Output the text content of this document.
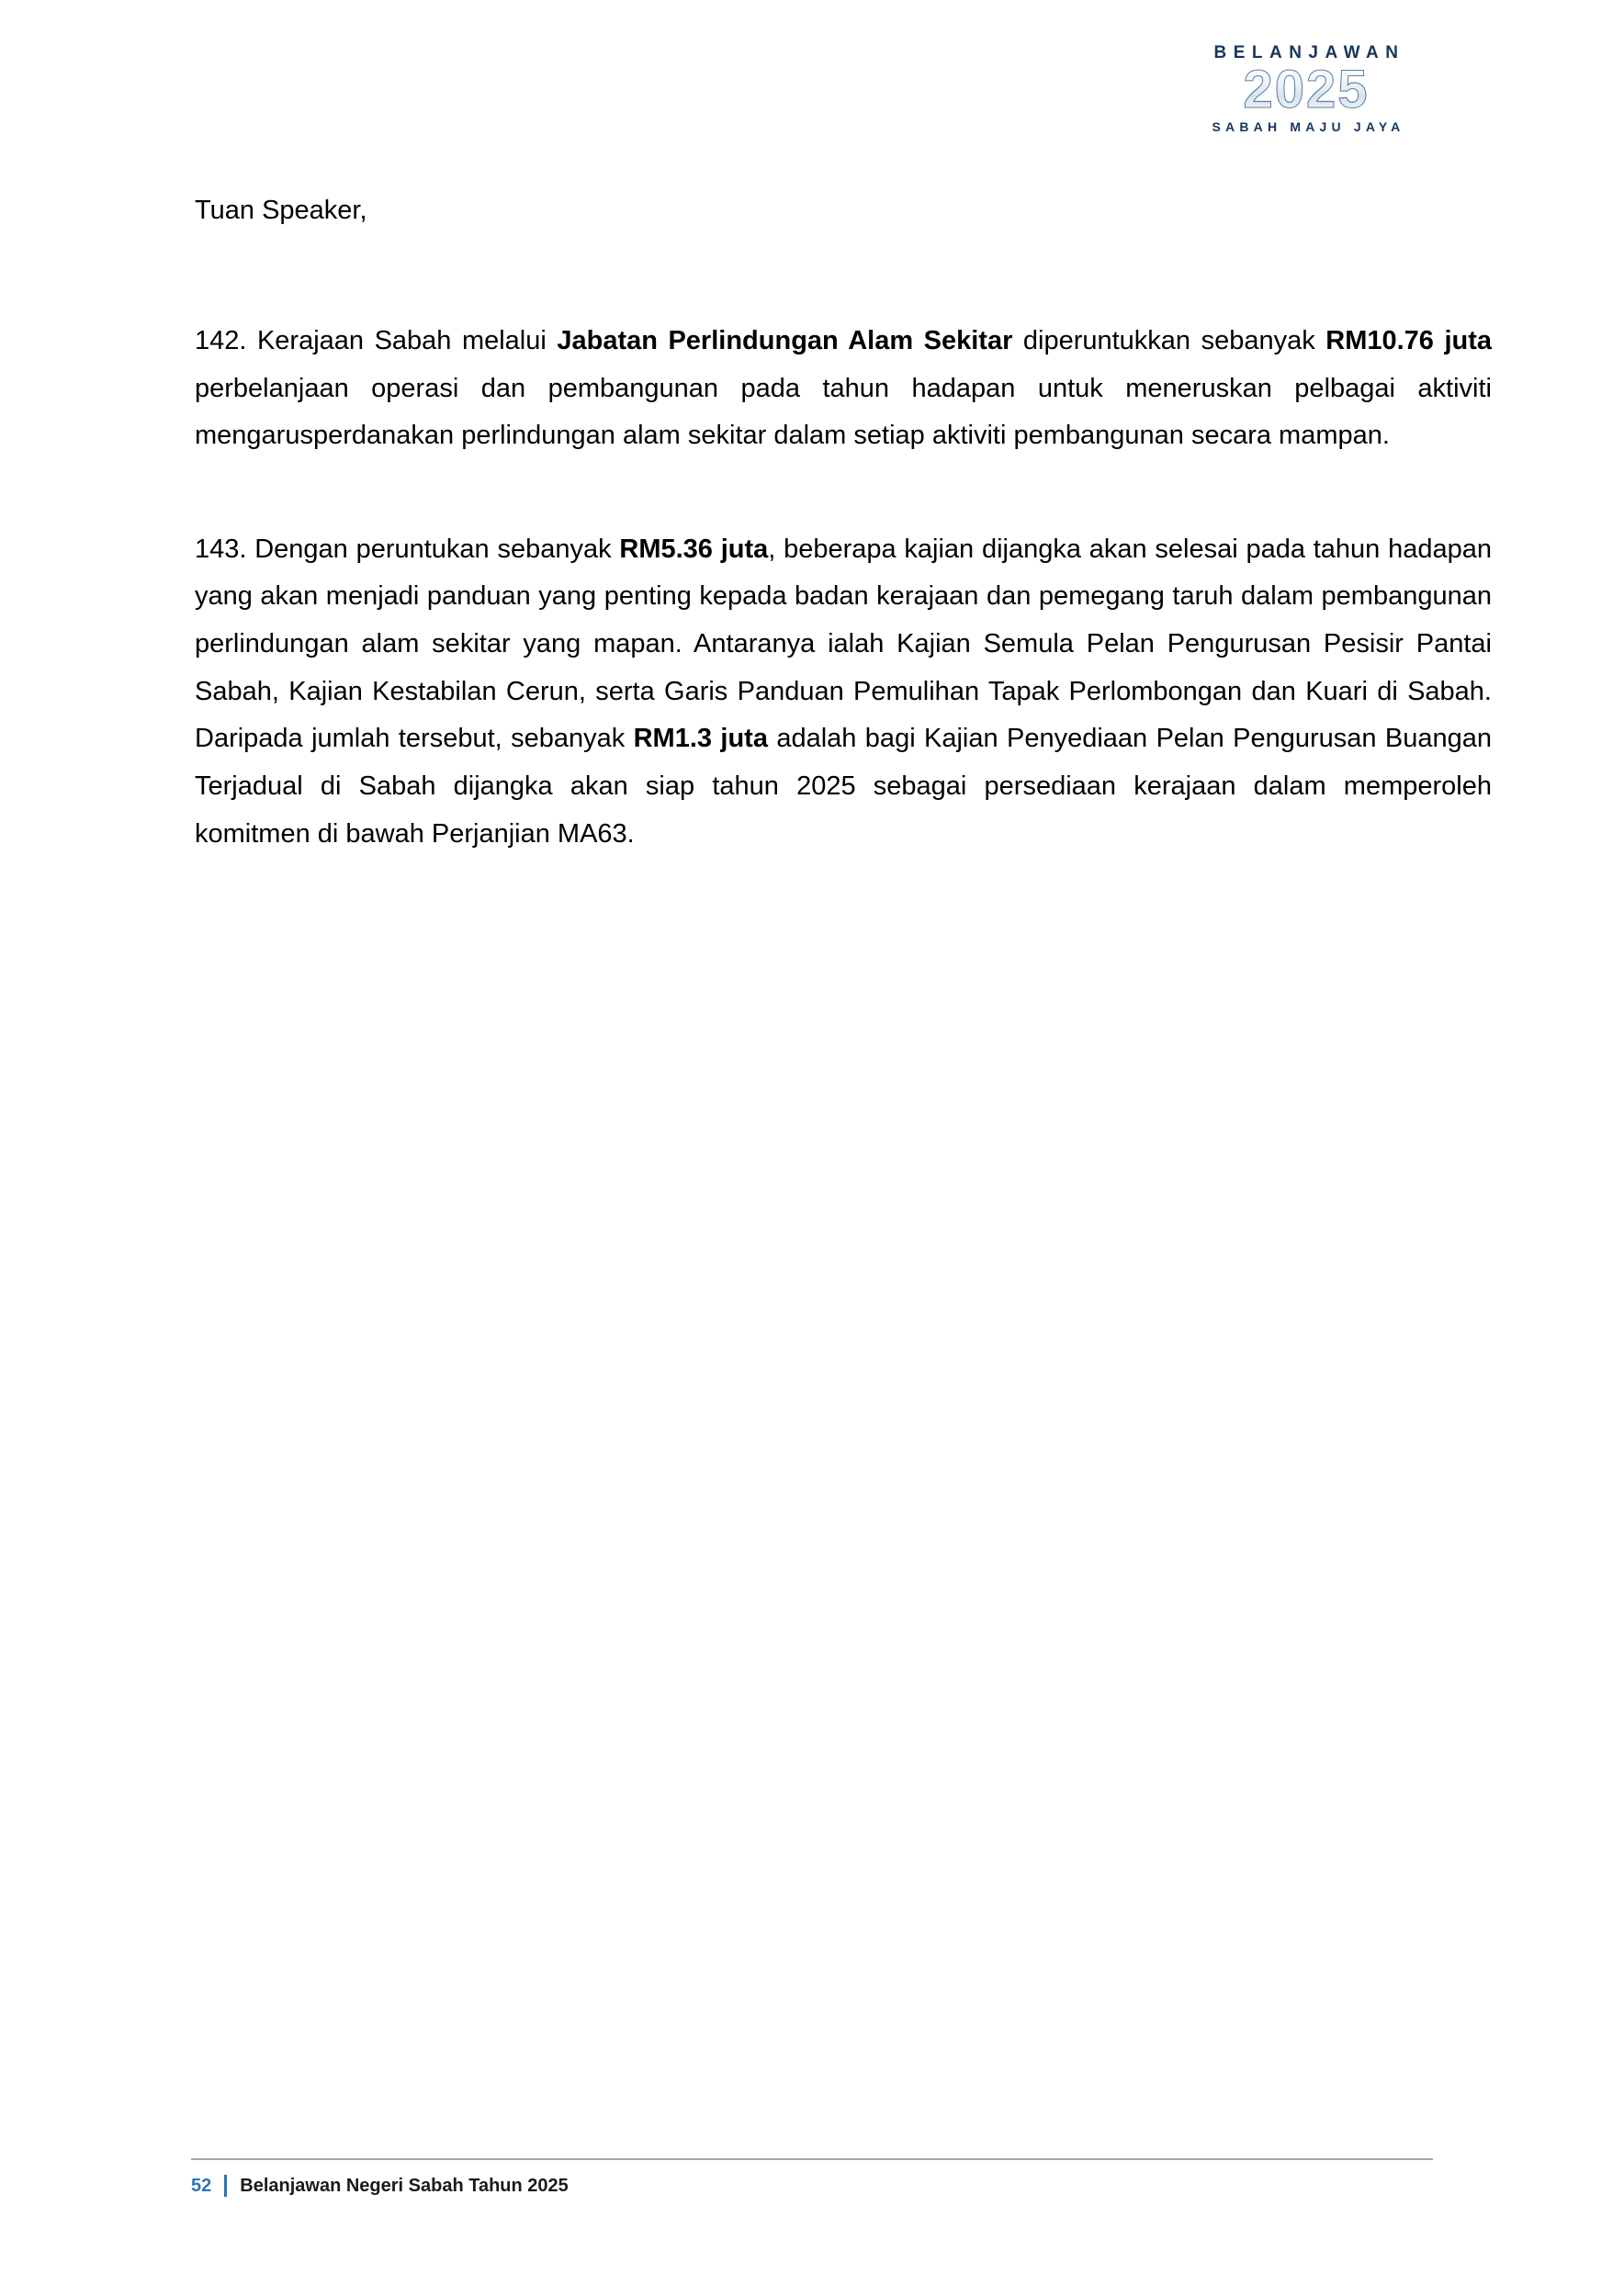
BELANJAWAN
2025
SABAH MAJU JAYA
Tuan Speaker,

142. Kerajaan Sabah melalui Jabatan Perlindungan Alam Sekitar diperuntukkan sebanyak RM10.76 juta perbelanjaan operasi dan pembangunan pada tahun hadapan untuk meneruskan pelbagai aktiviti mengarusperdanakan perlindungan alam sekitar dalam setiap aktiviti pembangunan secara mampan.

143. Dengan peruntukan sebanyak RM5.36 juta, beberapa kajian dijangka akan selesai pada tahun hadapan yang akan menjadi panduan yang penting kepada badan kerajaan dan pemegang taruh dalam pembangunan perlindungan alam sekitar yang mapan. Antaranya ialah Kajian Semula Pelan Pengurusan Pesisir Pantai Sabah, Kajian Kestabilan Cerun, serta Garis Panduan Pemulihan Tapak Perlombongan dan Kuari di Sabah. Daripada jumlah tersebut, sebanyak RM1.3 juta adalah bagi Kajian Penyediaan Pelan Pengurusan Buangan Terjadual di Sabah dijangka akan siap tahun 2025 sebagai persediaan kerajaan dalam memperoleh komitmen di bawah Perjanjian MA63.

52	Belanjawan Negeri Sabah Tahun 2025
